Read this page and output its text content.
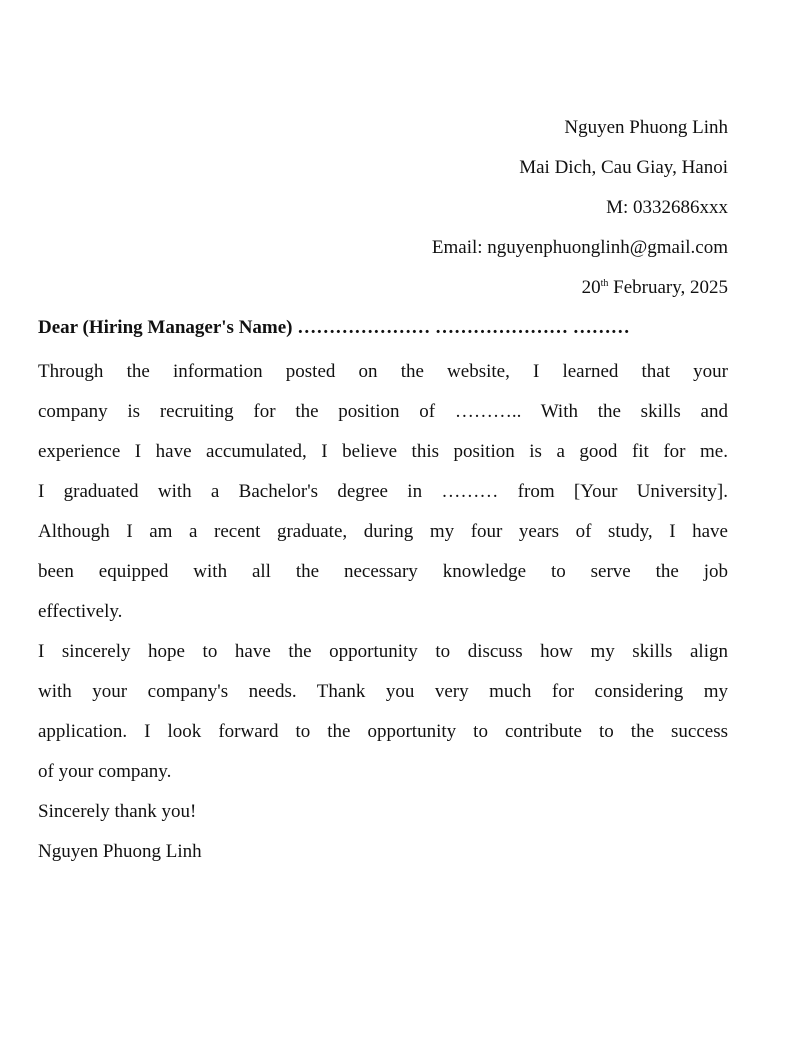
Nguyen Phuong Linh
Mai Dich, Cau Giay, Hanoi
M: 0332686xxx
Email: nguyenphuonglinh@gmail.com
20th February, 2025
Dear (Hiring Manager's Name) ………………… ………………… ………
Through the information posted on the website, I learned that your
company is recruiting for the position of ……….. With the skills and
experience I have accumulated, I believe this position is a good fit for me.
I graduated with a Bachelor's degree in ……… from [Your University].
Although I am a recent graduate, during my four years of study, I have
been equipped with all the necessary knowledge to serve the job
effectively.
I sincerely hope to have the opportunity to discuss how my skills align
with your company's needs. Thank you very much for considering my
application. I look forward to the opportunity to contribute to the success
of your company.
Sincerely thank you!
Nguyen Phuong Linh
